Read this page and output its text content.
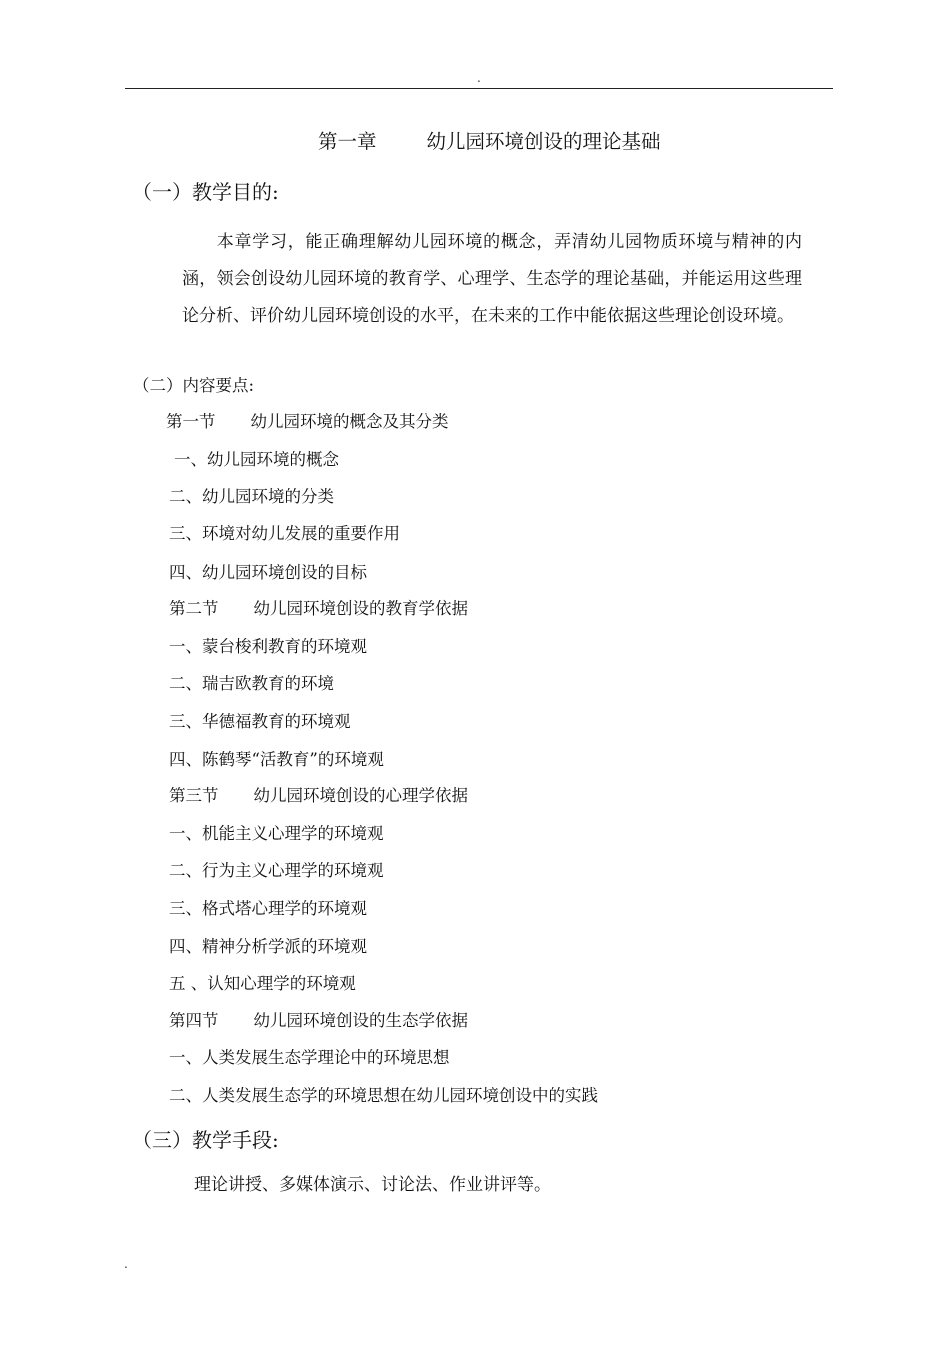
.
第一章	幼儿园环境创设的理论基础
（一）教学目的:
本章学习，能正确理解幼儿园环境的概念，弄清幼儿园物质环境与精神的内涵，领会创设幼儿园环境的教育学、心理学、生态学的理论基础，并能运用这些理论分析、评价幼儿园环境创设的水平，在未来的工作中能依据这些理论创设环境。
（二）内容要点:
第一节 幼儿园环境的概念及其分类
一、幼儿园环境的概念
二、幼儿园环境的分类
三、环境对幼儿发展的重要作用
四、幼儿园环境创设的目标
第二节 幼儿园环境创设的教育学依据
一、蒙台梭利教育的环境观
二、瑞吉欧教育的环境
三、华德福教育的环境观
四、陈鹤琴“活教育”的环境观
第三节 幼儿园环境创设的心理学依据
一、机能主义心理学的环境观
二、行为主义心理学的环境观
三、格式塔心理学的环境观
四、精神分析学派的环境观
五 、认知心理学的环境观
第四节 幼儿园环境创设的生态学依据
一、人类发展生态学理论中的环境思想
二、人类发展生态学的环境思想在幼儿园环境创设中的实践
（三）教学手段:
理论讲授、多媒体演示、讨论法、作业讲评等。
.
